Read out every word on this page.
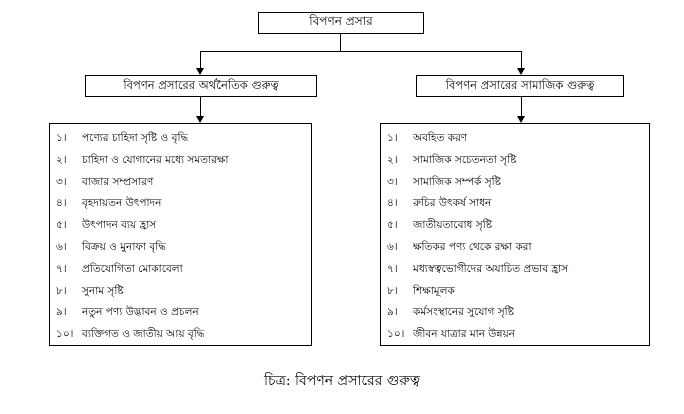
বিপণন প্রসার
বিপণন প্রসারের অর্থনৈতিক গুরুত্ব	বিপণন প্রসারের সামাজিক গুরুত্ব
১।	পণ্যের চাহিদা সৃষ্টি ও বৃদ্ধি
২।	চাহিদা ও যোগানের মধ্যে সমতারক্ষা
৩।	বাজার সম্প্রসারণ
৪।	বৃহদায়তন উৎপাদন
৫।	উৎপাদন ব্যয় হ্রাস
৬।	বিক্রয় ও মুনাফা বৃদ্ধি
৭।	প্রতিযোগিতা মোকাবেলা
৮।	সুনাম সৃষ্টি
৯।	নতুন পণ্য উদ্ভাবন ও প্রচলন
১০। ব্যক্তিগত ও জাতীয় আয় বৃদ্ধি
১।	অবহিত করণ
২।	সামাজিক সচেতনতা সৃষ্টি
৩।	সামাজিক সম্পর্ক সৃষ্টি
৪।	রুচির উৎকর্ষ সাধন
৫।	জাতীয়তাবোধ সৃষ্টি
৬।	ক্ষতিকর পণ্য থেকে রক্ষা করা
৭।	মধ্যস্বত্বভোগীদের অযাচিত প্রভাব হ্রাস
৮।	শিক্ষামূলক
৯।	কর্মসংস্থানের সুযোগ সৃষ্টি
১০। জীবন যাত্রার মান উন্নয়ন
চিত্র: বিপণন প্রসারের গুরুত্ব
